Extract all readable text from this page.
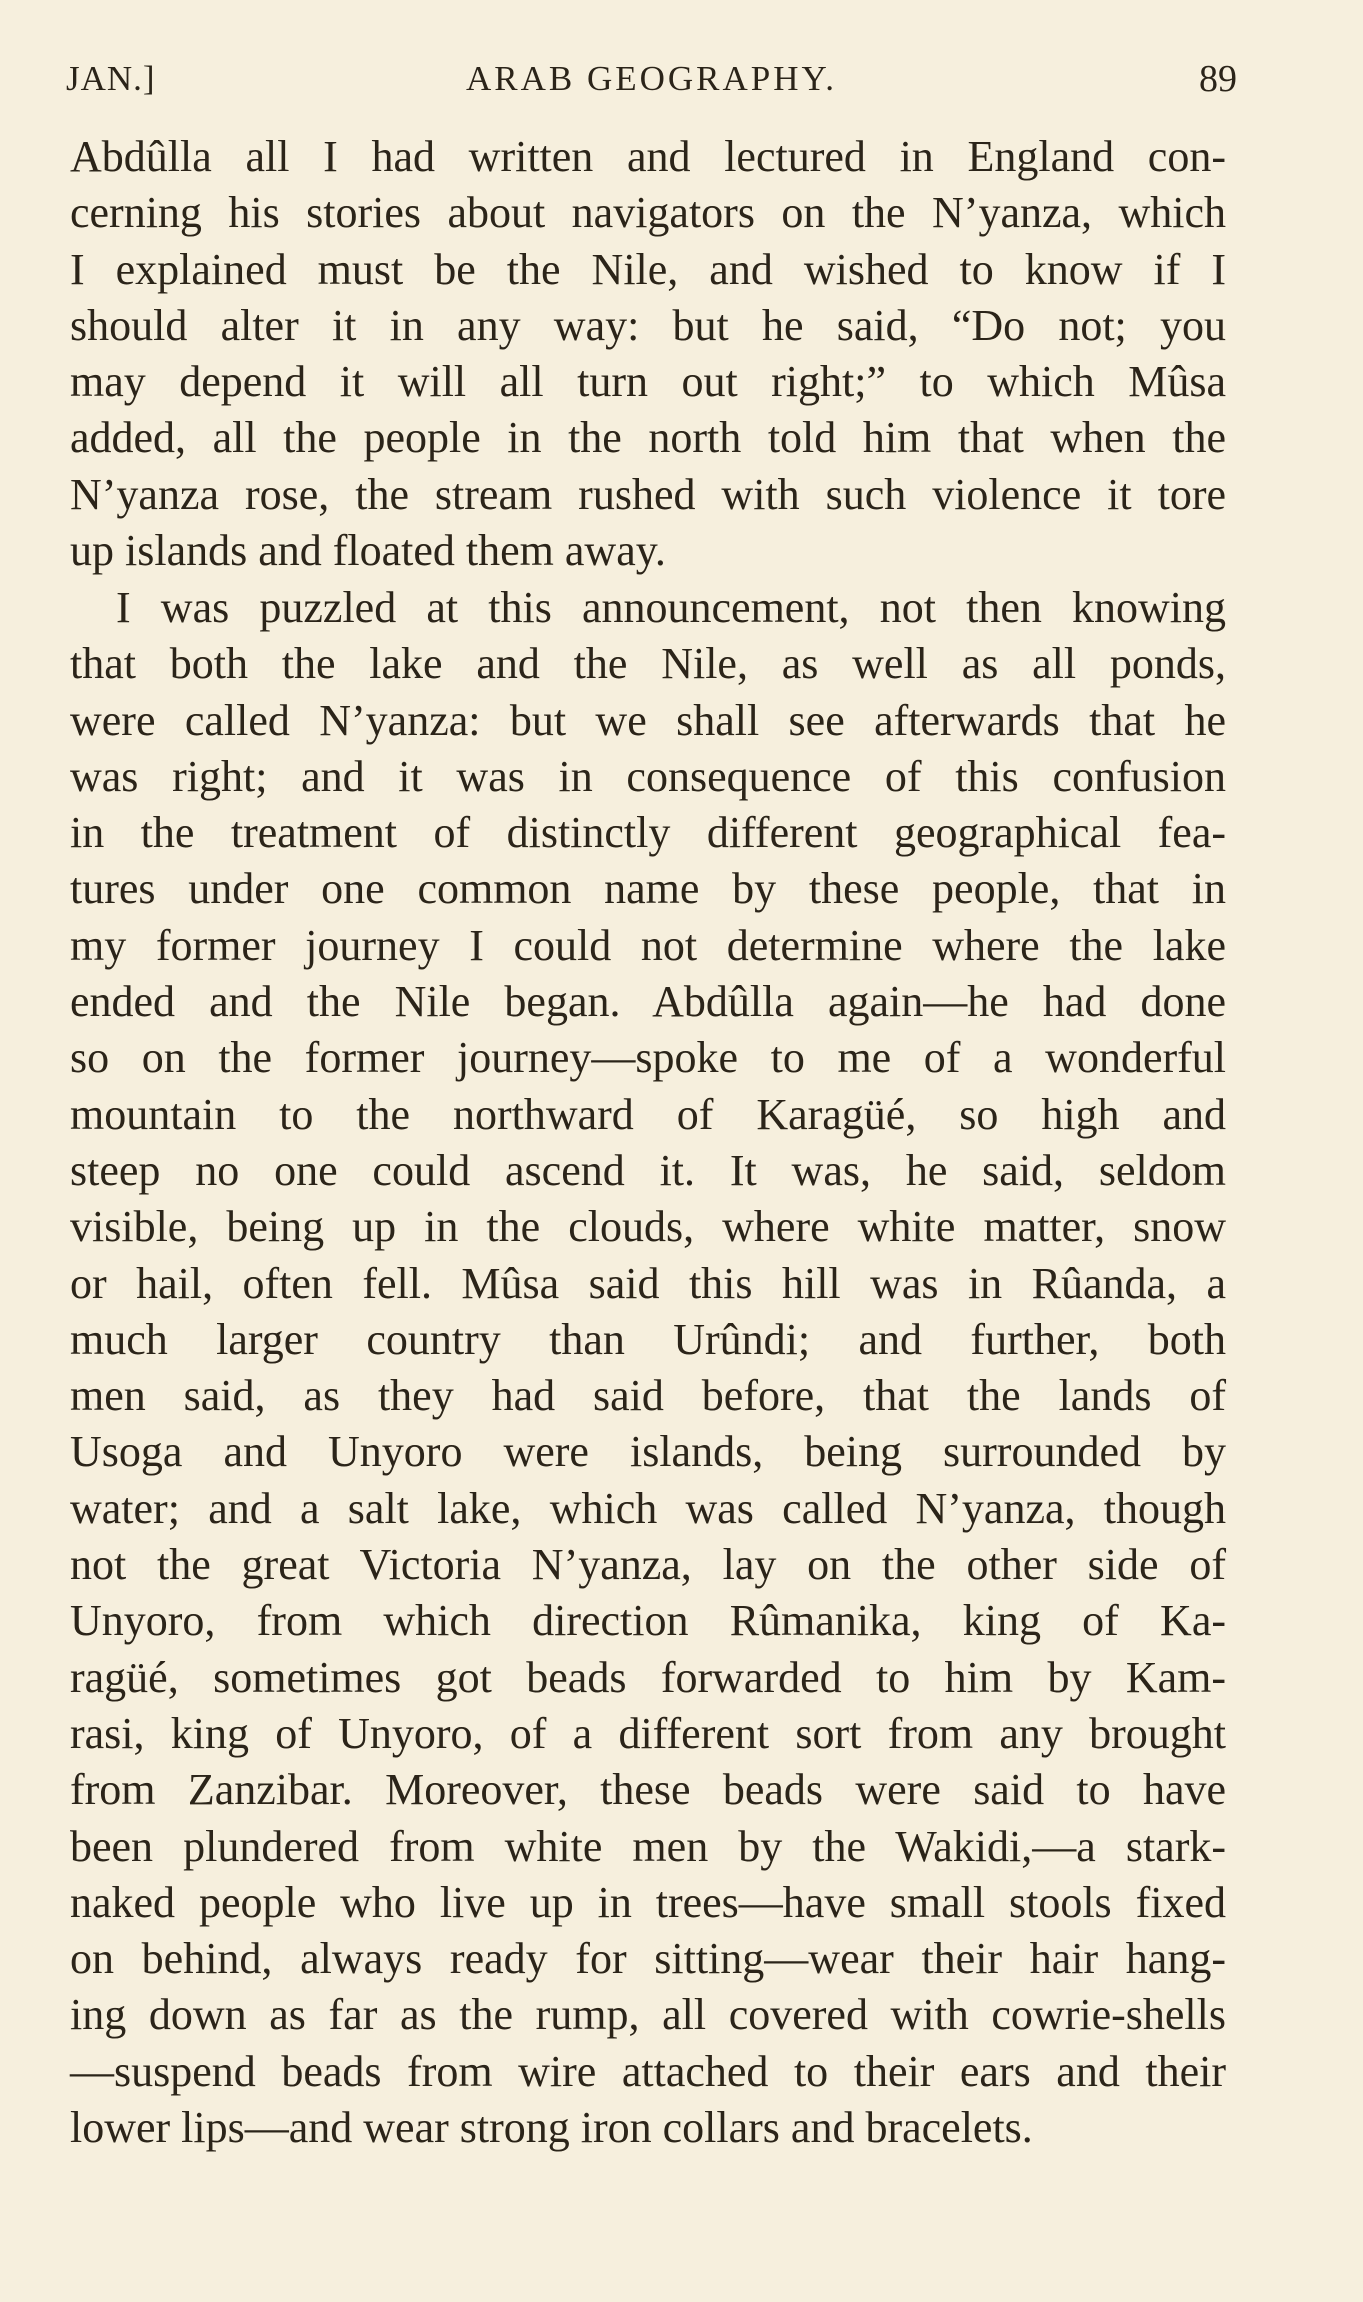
JAN.]	ARAB GEOGRAPHY.	89
Abdûlla all I had written and lectured in England con-
cerning his stories about navigators on the N’yanza, which
I explained must be the Nile, and wished to know if I
should alter it in any way: but he said, “Do not; you
may depend it will all turn out right;” to which Mûsa
added, all the people in the north told him that when the
N’yanza rose, the stream rushed with such violence it tore
up islands and floated them away.
I was puzzled at this announcement, not then knowing
that both the lake and the Nile, as well as all ponds,
were called N’yanza: but we shall see afterwards that he
was right; and it was in consequence of this confusion
in the treatment of distinctly different geographical fea-
tures under one common name by these people, that in
my former journey I could not determine where the lake
ended and the Nile began. Abdûlla again—he had done
so on the former journey—spoke to me of a wonderful
mountain to the northward of Karagüé, so high and
steep no one could ascend it. It was, he said, seldom
visible, being up in the clouds, where white matter, snow
or hail, often fell. Mûsa said this hill was in Rûanda, a
much larger country than Urûndi; and further, both
men said, as they had said before, that the lands of
Usoga and Unyoro were islands, being surrounded by
water; and a salt lake, which was called N’yanza, though
not the great Victoria N’yanza, lay on the other side of
Unyoro, from which direction Rûmanika, king of Ka-
ragüé, sometimes got beads forwarded to him by Kam-
rasi, king of Unyoro, of a different sort from any brought
from Zanzibar. Moreover, these beads were said to have
been plundered from white men by the Wakidi,—a stark-
naked people who live up in trees—have small stools fixed
on behind, always ready for sitting—wear their hair hang-
ing down as far as the rump, all covered with cowrie-shells
—suspend beads from wire attached to their ears and their
lower lips—and wear strong iron collars and bracelets.
